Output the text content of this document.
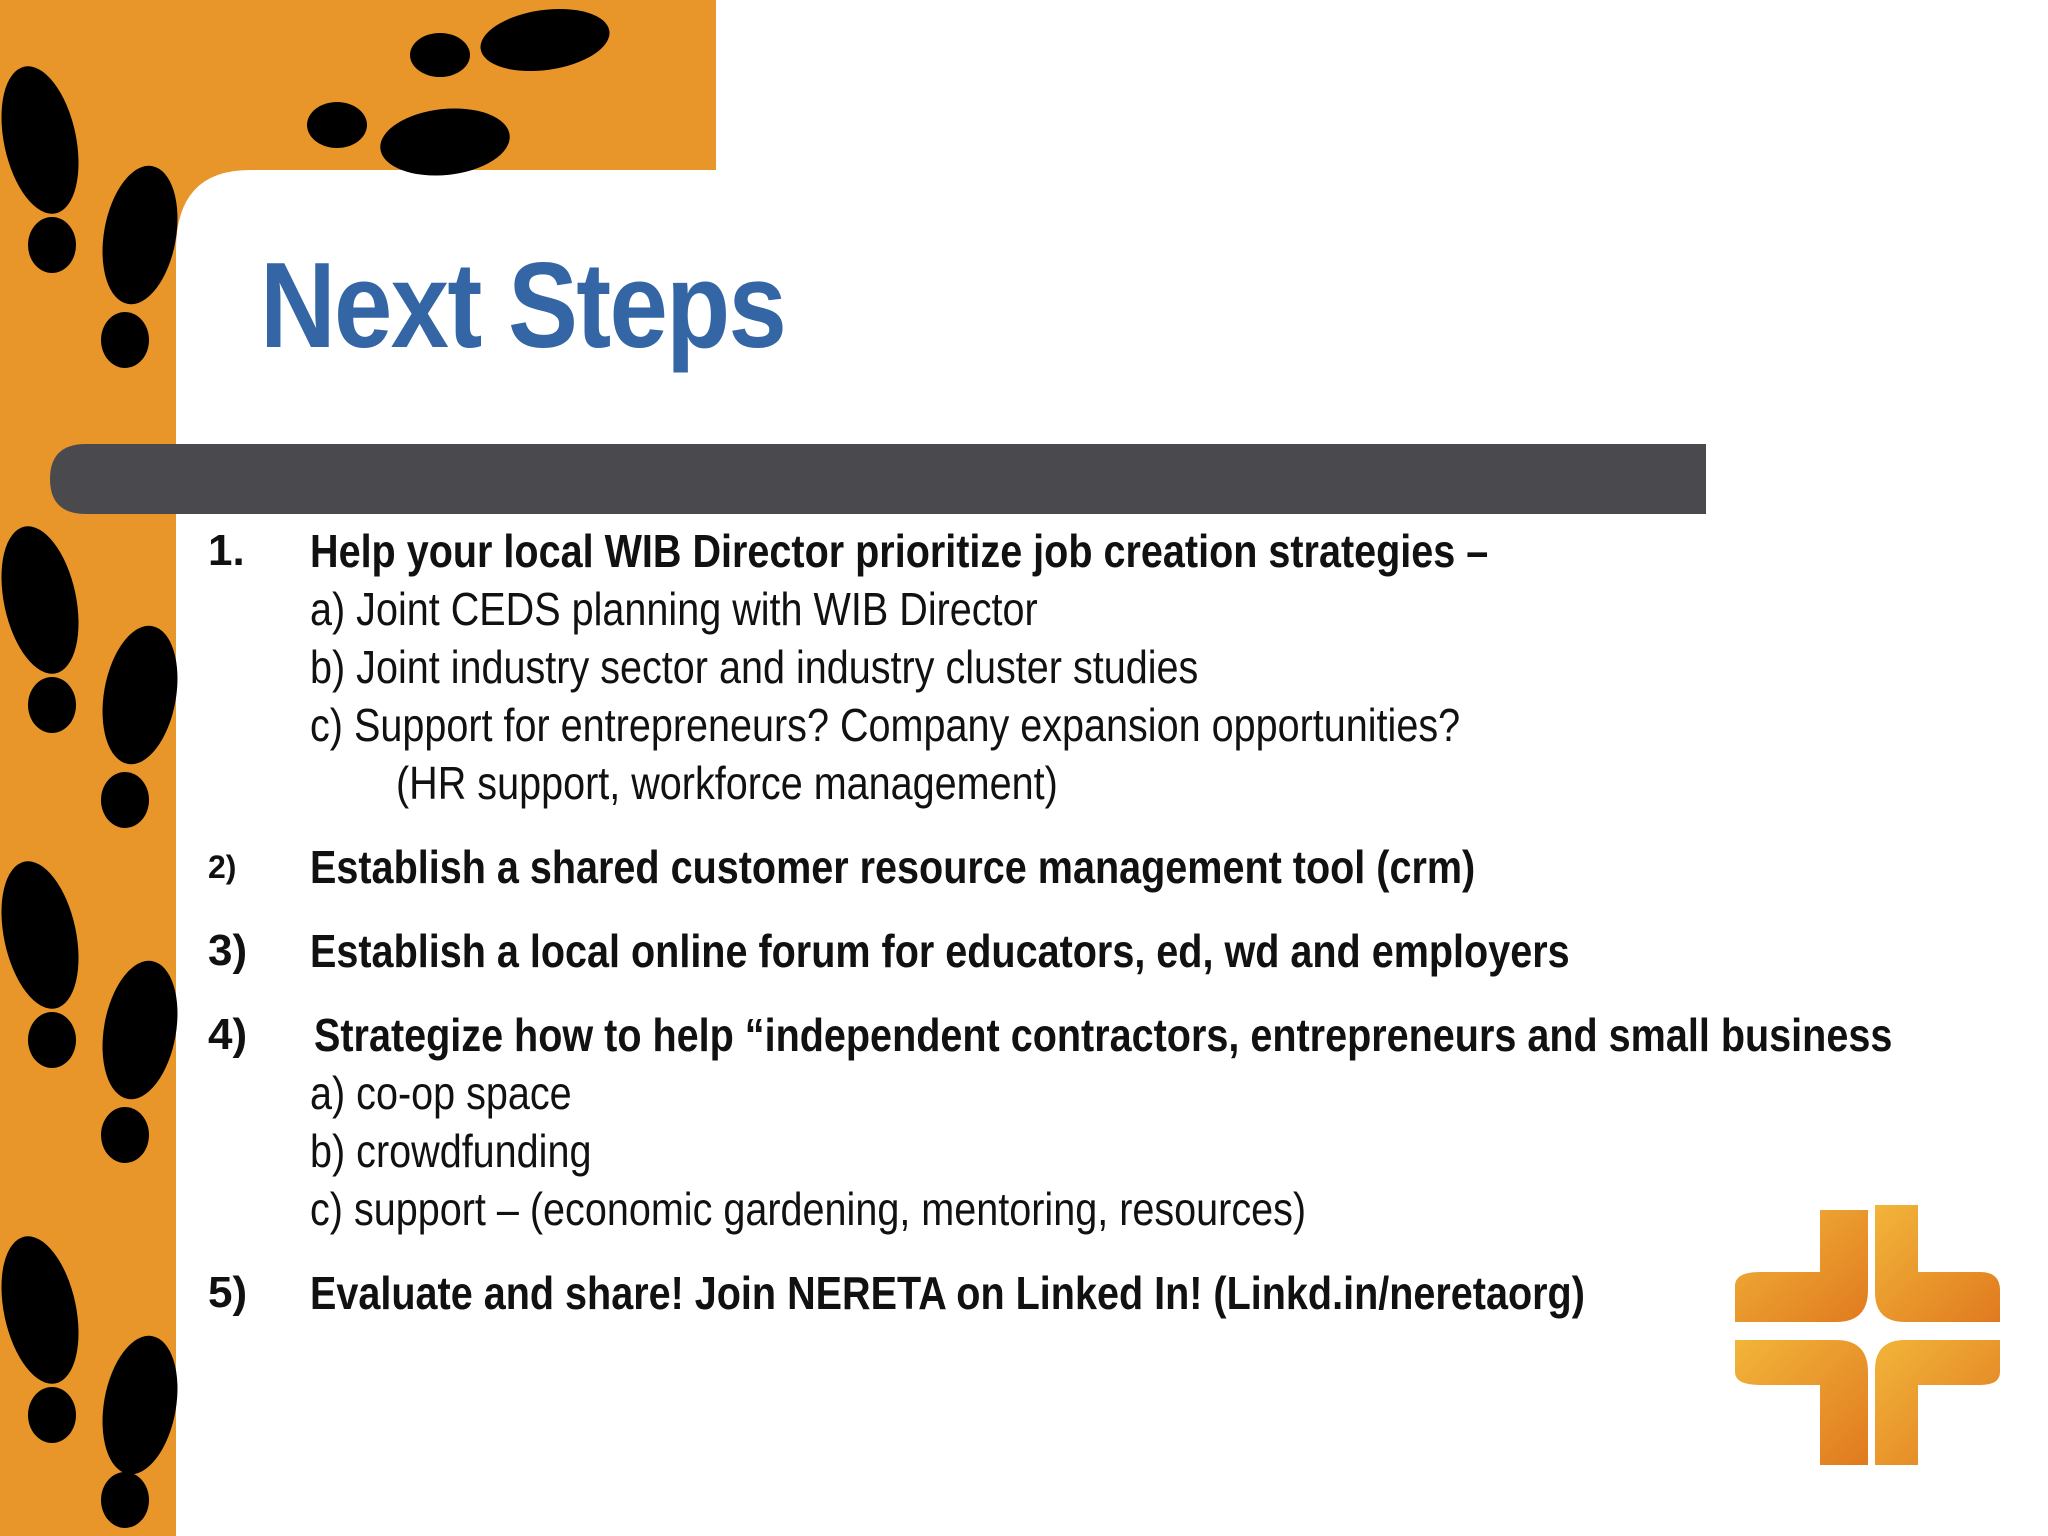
Next Steps
1. Help your local WIB Director prioritize job creation strategies –
a) Joint CEDS planning with WIB Director
b) Joint industry sector and industry cluster studies
c) Support for entrepreneurs? Company expansion opportunities?
(HR support, workforce management)
2) Establish a shared customer resource management tool (crm)
3) Establish a local online forum for educators, ed, wd and employers
4) Strategize how to help “independent contractors, entrepreneurs and small business
a) co-op space
b) crowdfunding
c) support – (economic gardening, mentoring, resources)
5) Evaluate and share! Join NERETA on Linked In! (Linkd.in/neretaorg)
